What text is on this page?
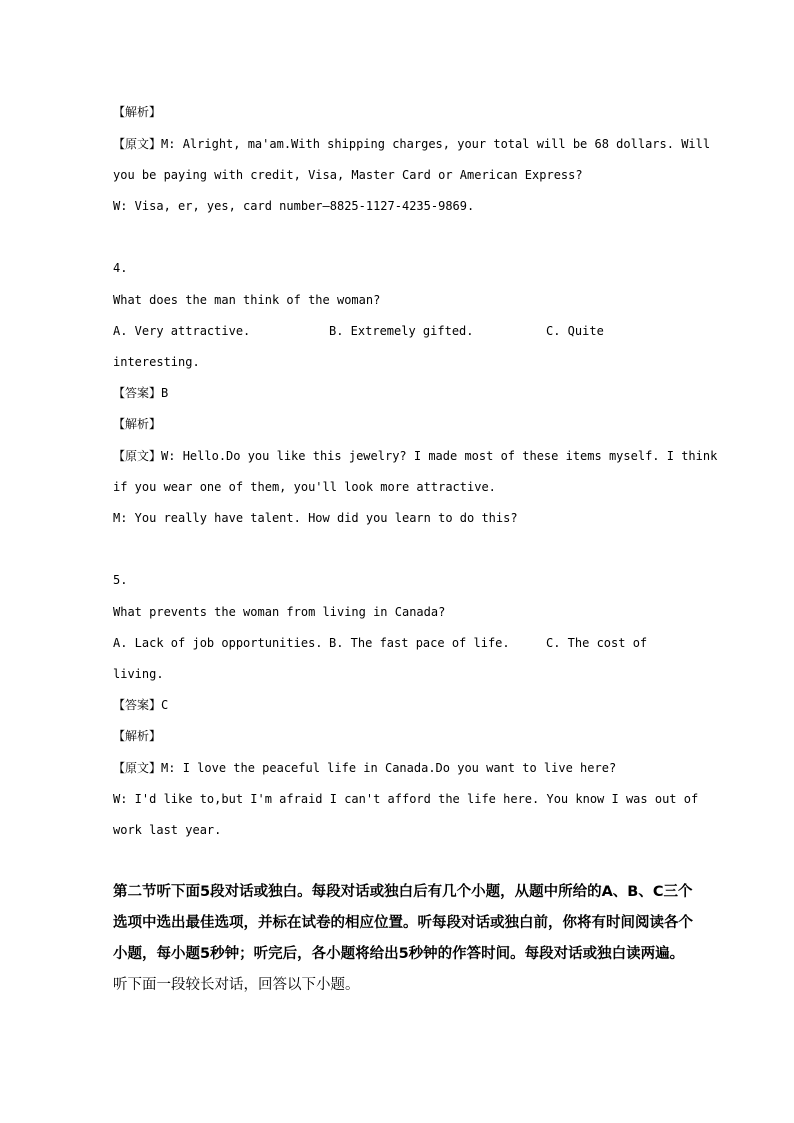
【解析】

【原文】M: Alright, ma'am.With shipping charges, your total will be 68 dollars. Will

you be paying with credit, Visa, Master Card or American Express?

W: Visa, er, yes, card number—8825-1127-4235-9869.

4.

What does the man think of the woman?

A. Very attractive.	B. Extremely gifted.	C. Quite

interesting.

【答案】B

【解析】

【原文】W: Hello.Do you like this jewelry? I made most of these items myself. I think

if you wear one of them, you'll look more attractive.

M: You really have talent. How did you learn to do this?

5.

What prevents the woman from living in Canada?

A. Lack of job opportunities. B. The fast pace of life.	C. The cost of

living.

【答案】C

【解析】

【原文】M: I love the peaceful life in Canada.Do you want to live here?

W: I'd like to,but I'm afraid I can't afford the life here. You know I was out of

work last year.

第二节听下面5段对话或独白。每段对话或独白后有几个小题，从题中所给的A、B、C三个

选项中选出最佳选项，并标在试卷的相应位置。听每段对话或独白前，你将有时间阅读各个

小题，每小题5秒钟；听完后，各小题将给出5秒钟的作答时间。每段对话或独白读两遍。

听下面一段较长对话，回答以下小题。
